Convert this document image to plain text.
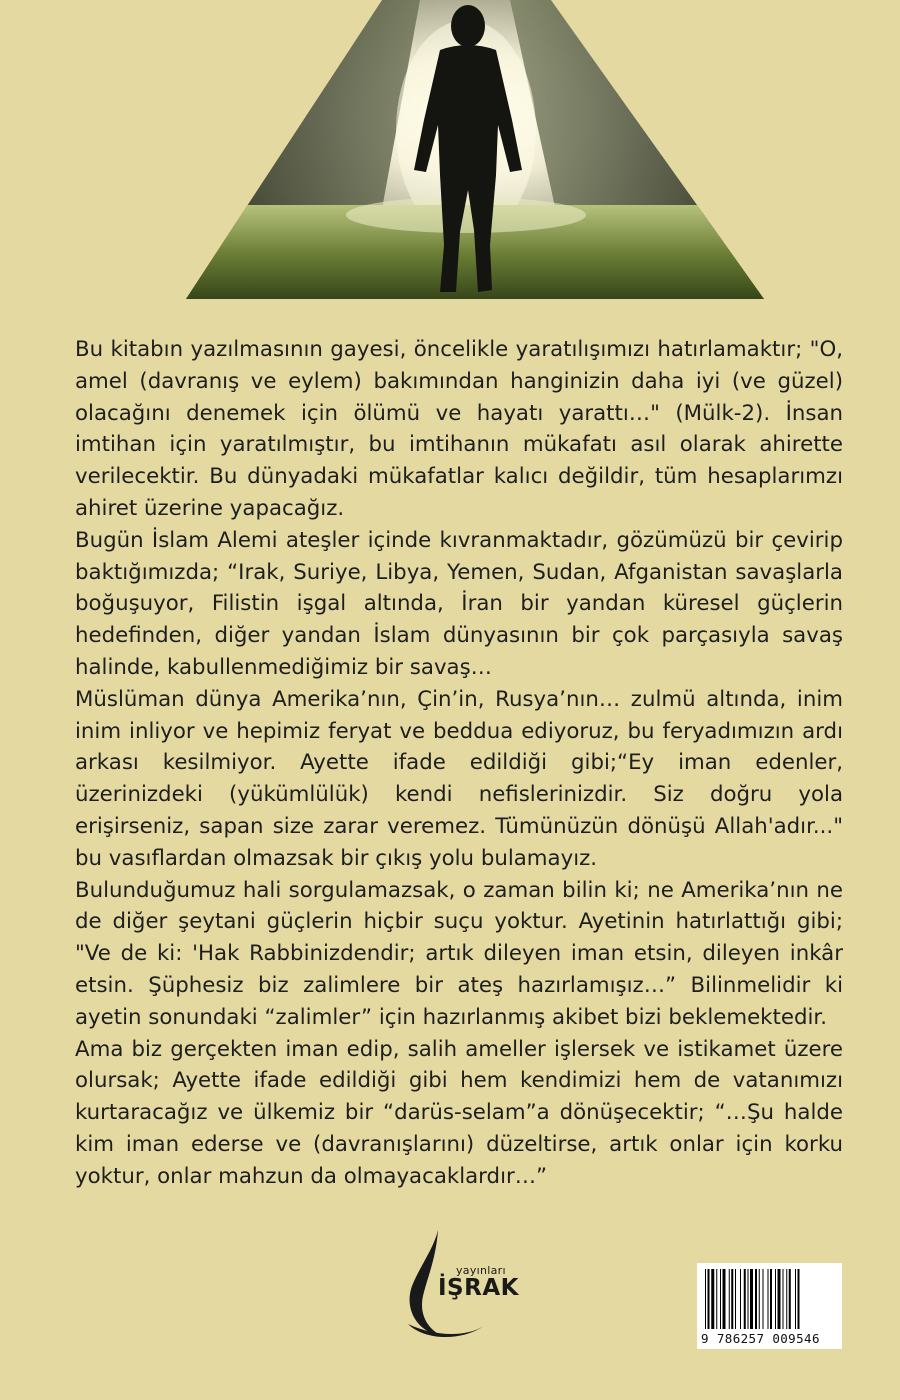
Bu kitabın yazılmasının gayesi, öncelikle yaratılışımızı hatırlamaktır; "O, amel (davranış ve eylem) bakımından hanginizin daha iyi (ve güzel) olacağını denemek için ölümü ve hayatı yarattı…" (Mülk-2). İnsan imtihan için yaratılmıştır, bu imtihanın mükafatı asıl olarak ahirette verilecektir. Bu dünyadaki mükafatlar kalıcı değildir, tüm hesaplarımzı ahiret üzerine yapacağız.

Bugün İslam Alemi ateşler içinde kıvranmaktadır, gözümüzü bir çevirip baktığımızda; “Irak, Suriye, Libya, Yemen, Sudan, Afganistan savaşlarla boğuşuyor, Filistin işgal altında, İran bir yandan küresel güçlerin hedefinden, diğer yandan İslam dünyasının bir çok parçasıyla savaş halinde, kabullenmediğimiz bir savaş…

Müslüman dünya Amerika’nın, Çin’in, Rusya’nın… zulmü altında, inim inim inliyor ve hepimiz feryat ve beddua ediyoruz, bu feryadımızın ardı arkası kesilmiyor. Ayette ifade edildiği gibi;“Ey iman edenler, üzerinizdeki (yükümlülük) kendi nefislerinizdir. Siz doğru yola erişirseniz, sapan size zarar veremez. Tümünüzün dönüşü Allah'adır..." bu vasıflardan olmazsak bir çıkış yolu bulamayız.

Bulunduğumuz hali sorgulamazsak, o zaman bilin ki; ne Amerika’nın ne de diğer şeytani güçlerin hiçbir suçu yoktur. Ayetinin hatırlattığı gibi; "Ve de ki: 'Hak Rabbinizdendir; artık dileyen iman etsin, dileyen inkâr etsin. Şüphesiz biz zalimlere bir ateş hazırlamışız…” Bilinmelidir ki ayetin sonundaki “zalimler” için hazırlanmış akibet bizi beklemektedir.

Ama biz gerçekten iman edip, salih ameller işlersek ve istikamet üzere olursak; Ayette ifade edildiği gibi hem kendimizi hem de vatanımızı kurtaracağız ve ülkemiz bir “darüs-selam”a dönüşecektir; “…Şu halde kim iman ederse ve (davranışlarını) düzeltirse, artık onlar için korku yoktur, onlar mahzun da olmayacaklardır…”

yayınları
İŞRAK
9 786257 009546
